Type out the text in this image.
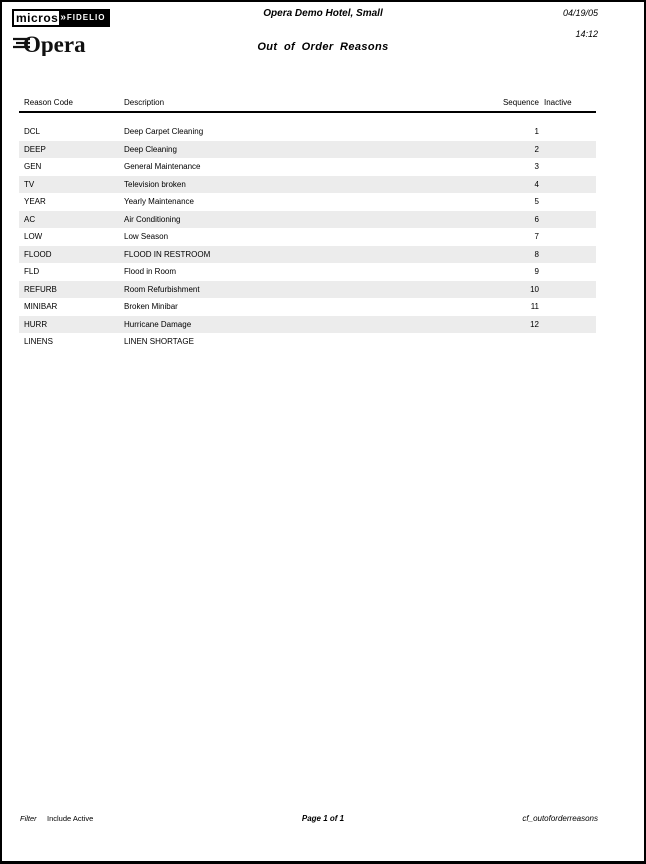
micros » FIDELIO
Opera
Opera Demo Hotel, Small
Out of Order Reasons
04/19/05
14:12
Reason Code	Description	Sequence Inactive
DCL	Deep Carpet Cleaning	1
DEEP	Deep Cleaning	2
GEN	General Maintenance	3
TV	Television broken	4
YEAR	Yearly Maintenance	5
AC	Air Conditioning	6
LOW	Low Season	7
FLOOD	FLOOD IN RESTROOM	8
FLD	Flood in Room	9
REFURB	Room Refurbishment	10
MINIBAR	Broken Minibar	11
HURR	Hurricane Damage	12
LINENS	LINEN SHORTAGE
Filter Include Active	Page 1 of 1	cf_outoforderreasons
